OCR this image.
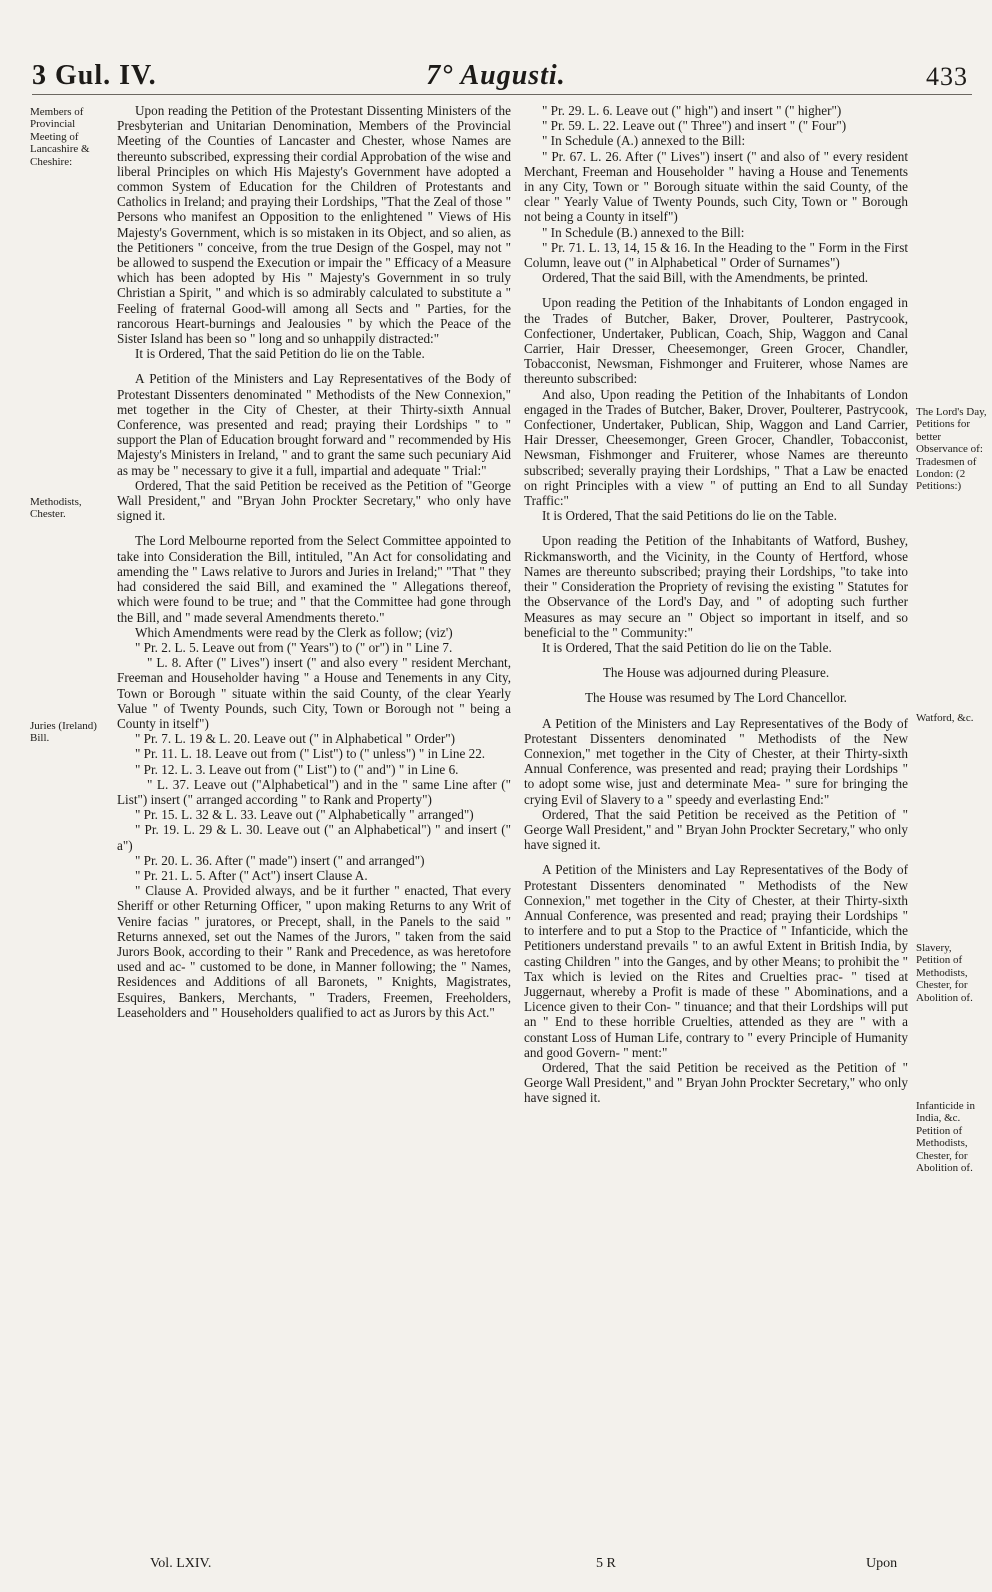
3 Gul. IV.	7° Augusti.	433
Members of Provincial Meeting of Lancashire & Cheshire:
Methodists, Chester.
Juries (Ireland) Bill.
The Lord's Day, Petitions for better Observance of: Tradesmen of London: (2 Petitions:)
Watford, &c.
Slavery, Petition of Methodists, Chester, for Abolition of.
Infanticide in India, &c. Petition of Methodists, Chester, for Abolition of.

Upon reading the Petition of the Protestant Dissenting Ministers of the Presbyterian and Unitarian Denomination, Members of the Provincial Meeting of the Counties of Lancaster and Chester, whose Names are thereunto subscribed, expressing their cordial Approbation of the wise and liberal Principles on which His Majesty's Government have adopted a common System of Education for the Children of Protestants and Catholics in Ireland; and praying their Lordships, "That the Zeal of those " Persons who manifest an Opposition to the enlightened " Views of His Majesty's Government, which is so mistaken in its Object, and so alien, as the Petitioners " conceive, from the true Design of the Gospel, may not " be allowed to suspend the Execution or impair the " Efficacy of a Measure which has been adopted by His " Majesty's Government in so truly Christian a Spirit, " and which is so admirably calculated to substitute a " Feeling of fraternal Good-will among all Sects and " Parties, for the rancorous Heart-burnings and Jealousies " by which the Peace of the Sister Island has been so " long and so unhappily distracted:"

It is Ordered, That the said Petition do lie on the Table.

A Petition of the Ministers and Lay Representatives of the Body of Protestant Dissenters denominated " Methodists of the New Connexion," met together in the City of Chester, at their Thirty-sixth Annual Conference, was presented and read; praying their Lordships " to " support the Plan of Education brought forward and " recommended by His Majesty's Ministers in Ireland, " and to grant the same such pecuniary Aid as may be " necessary to give it a full, impartial and adequate " Trial:"

Ordered, That the said Petition be received as the Petition of "George Wall President," and "Bryan John Prockter Secretary," who only have signed it.

The Lord Melbourne reported from the Select Committee appointed to take into Consideration the Bill, intituled, "An Act for consolidating and amending the " Laws relative to Jurors and Juries in Ireland;" "That " they had considered the said Bill, and examined the " Allegations thereof, which were found to be true; and " that the Committee had gone through the Bill, and " made several Amendments thereto."

Which Amendments were read by the Clerk as follow; (viz')

" Pr. 2. L. 5. Leave out from (" Years") to (" or") in " Line 7.

" L. 8. After (" Lives") insert (" and also every " resident Merchant, Freeman and Householder having " a House and Tenements in any City, Town or Borough " situate within the said County, of the clear Yearly Value " of Twenty Pounds, such City, Town or Borough not " being a County in itself")

" Pr. 7. L. 19 & L. 20. Leave out (" in Alphabetical " Order")

" Pr. 11. L. 18. Leave out from (" List") to (" unless") " in Line 22.

" Pr. 12. L. 3. Leave out from (" List") to (" and") " in Line 6.

" L. 37. Leave out ("Alphabetical") and in the " same Line after (" List") insert (" arranged according " to Rank and Property")

" Pr. 15. L. 32 & L. 33. Leave out (" Alphabetically " arranged")

" Pr. 19. L. 29 & L. 30. Leave out (" an Alphabetical") " and insert (" a")

" Pr. 20. L. 36. After (" made") insert (" and arranged")

" Pr. 21. L. 5. After (" Act") insert Clause A.

" Clause A. Provided always, and be it further " enacted, That every Sheriff or other Returning Officer, " upon making Returns to any Writ of Venire facias " juratores, or Precept, shall, in the Panels to the said " Returns annexed, set out the Names of the Jurors, " taken from the said Jurors Book, according to their " Rank and Precedence, as was heretofore used and ac- " customed to be done, in Manner following; the " Names, Residences and Additions of all Baronets, " Knights, Magistrates, Esquires, Bankers, Merchants, " Traders, Freemen, Freeholders, Leaseholders and " Householders qualified to act as Jurors by this Act."

" Pr. 29. L. 6. Leave out (" high") and insert " (" higher")

" Pr. 59. L. 22. Leave out (" Three") and insert " (" Four")

" In Schedule (A.) annexed to the Bill:

" Pr. 67. L. 26. After (" Lives") insert (" and also of " every resident Merchant, Freeman and Householder " having a House and Tenements in any City, Town or " Borough situate within the said County, of the clear " Yearly Value of Twenty Pounds, such City, Town or " Borough not being a County in itself")

" In Schedule (B.) annexed to the Bill:

" Pr. 71. L. 13, 14, 15 & 16. In the Heading to the " Form in the First Column, leave out (" in Alphabetical " Order of Surnames")

Ordered, That the said Bill, with the Amendments, be printed.

Upon reading the Petition of the Inhabitants of London engaged in the Trades of Butcher, Baker, Drover, Poulterer, Pastrycook, Confectioner, Undertaker, Publican, Coach, Ship, Waggon and Canal Carrier, Hair Dresser, Cheesemonger, Green Grocer, Chandler, Tobacconist, Newsman, Fishmonger and Fruiterer, whose Names are thereunto subscribed:

And also, Upon reading the Petition of the Inhabitants of London engaged in the Trades of Butcher, Baker, Drover, Poulterer, Pastrycook, Confectioner, Undertaker, Publican, Ship, Waggon and Land Carrier, Hair Dresser, Cheesemonger, Green Grocer, Chandler, Tobacconist, Newsman, Fishmonger and Fruiterer, whose Names are thereunto subscribed; severally praying their Lordships, " That a Law be enacted on right Principles with a view " of putting an End to all Sunday Traffic:"

It is Ordered, That the said Petitions do lie on the Table.

Upon reading the Petition of the Inhabitants of Watford, Bushey, Rickmansworth, and the Vicinity, in the County of Hertford, whose Names are thereunto subscribed; praying their Lordships, "to take into their " Consideration the Propriety of revising the existing " Statutes for the Observance of the Lord's Day, and " of adopting such further Measures as may secure an " Object so important in itself, and so beneficial to the " Community:"

It is Ordered, That the said Petition do lie on the Table.

The House was adjourned during Pleasure.

The House was resumed by The Lord Chancellor.

A Petition of the Ministers and Lay Representatives of the Body of Protestant Dissenters denominated " Methodists of the New Connexion," met together in the City of Chester, at their Thirty-sixth Annual Conference, was presented and read; praying their Lordships " to adopt some wise, just and determinate Mea- " sure for bringing the crying Evil of Slavery to a " speedy and everlasting End:"

Ordered, That the said Petition be received as the Petition of " George Wall President," and " Bryan John Prockter Secretary," who only have signed it.

A Petition of the Ministers and Lay Representatives of the Body of Protestant Dissenters denominated " Methodists of the New Connexion," met together in the City of Chester, at their Thirty-sixth Annual Conference, was presented and read; praying their Lordships " to interfere and to put a Stop to the Practice of " Infanticide, which the Petitioners understand prevails " to an awful Extent in British India, by casting Children " into the Ganges, and by other Means; to prohibit the " Tax which is levied on the Rites and Cruelties prac- " tised at Juggernaut, whereby a Profit is made of these " Abominations, and a Licence given to their Con- " tinuance; and that their Lordships will put an " End to these horrible Cruelties, attended as they are " with a constant Loss of Human Life, contrary to " every Principle of Humanity and good Govern- " ment:"

Ordered, That the said Petition be received as the Petition of " George Wall President," and " Bryan John Prockter Secretary," who only have signed it.

Vol. LXIV.	5 R	Upon
